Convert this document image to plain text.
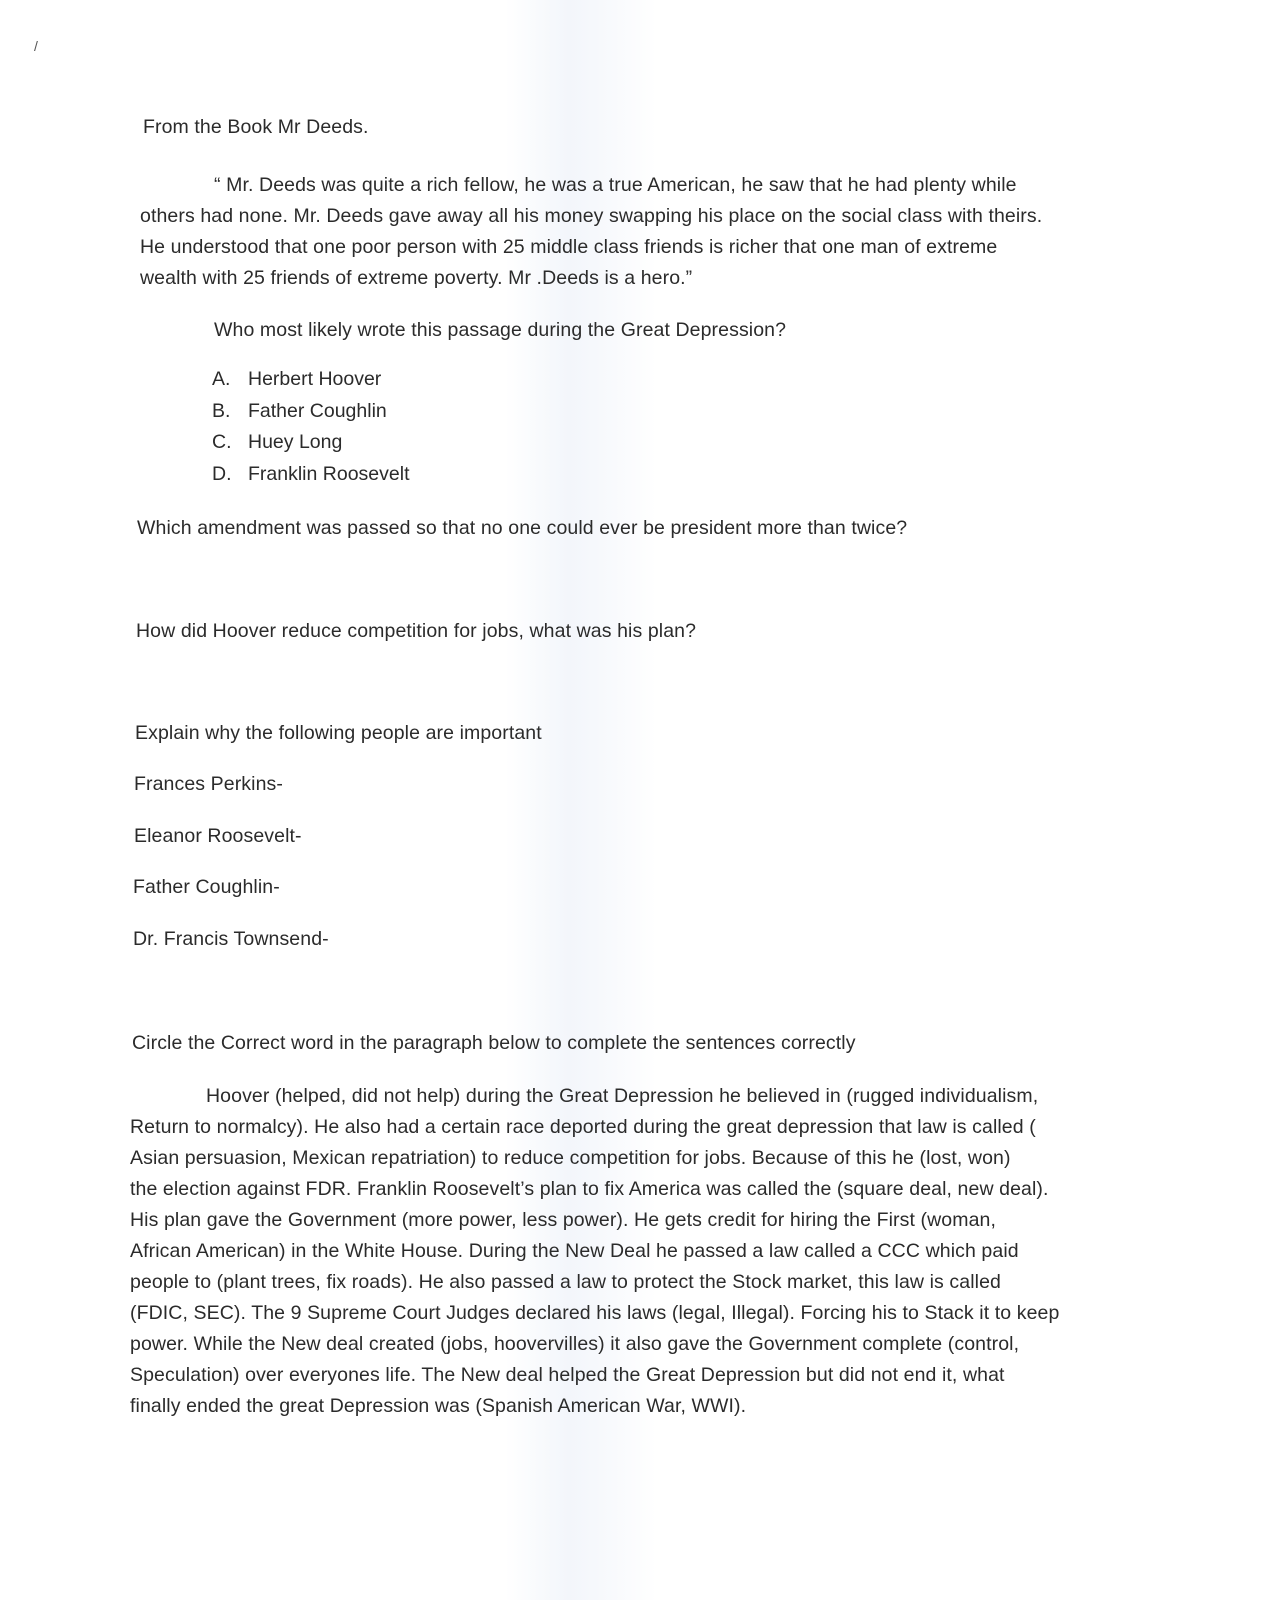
/
From the Book Mr Deeds.
“ Mr. Deeds was quite a rich fellow, he was a true American, he saw that he had plenty while
others had none. Mr. Deeds gave away all his money swapping his place on the social class with theirs.
He understood that one poor person with 25 middle class friends is richer that one man of extreme
wealth with 25 friends of extreme poverty. Mr .Deeds is a hero.”
Who most likely wrote this passage during the Great Depression?
A. Herbert Hoover
B. Father Coughlin
C. Huey Long
D. Franklin Roosevelt
Which amendment was passed so that no one could ever be president more than twice?
How did Hoover reduce competition for jobs, what was his plan?
Explain why the following people are important
Frances Perkins-
Eleanor Roosevelt-
Father Coughlin-
Dr. Francis Townsend-
Circle the Correct word in the paragraph below to complete the sentences correctly
Hoover (helped, did not help) during the Great Depression he believed in (rugged individualism,
Return to normalcy). He also had a certain race deported during the great depression that law is called (
Asian persuasion, Mexican repatriation) to reduce competition for jobs. Because of this he (lost, won)
the election against FDR. Franklin Roosevelt’s plan to fix America was called the (square deal, new deal).
His plan gave the Government (more power, less power). He gets credit for hiring the First (woman,
African American) in the White House. During the New Deal he passed a law called a CCC which paid
people to (plant trees, fix roads). He also passed a law to protect the Stock market, this law is called
(FDIC, SEC). The 9 Supreme Court Judges declared his laws (legal, Illegal). Forcing his to Stack it to keep
power. While the New deal created (jobs, hoovervilles) it also gave the Government complete (control,
Speculation) over everyones life. The New deal helped the Great Depression but did not end it, what
finally ended the great Depression was (Spanish American War, WWI).
